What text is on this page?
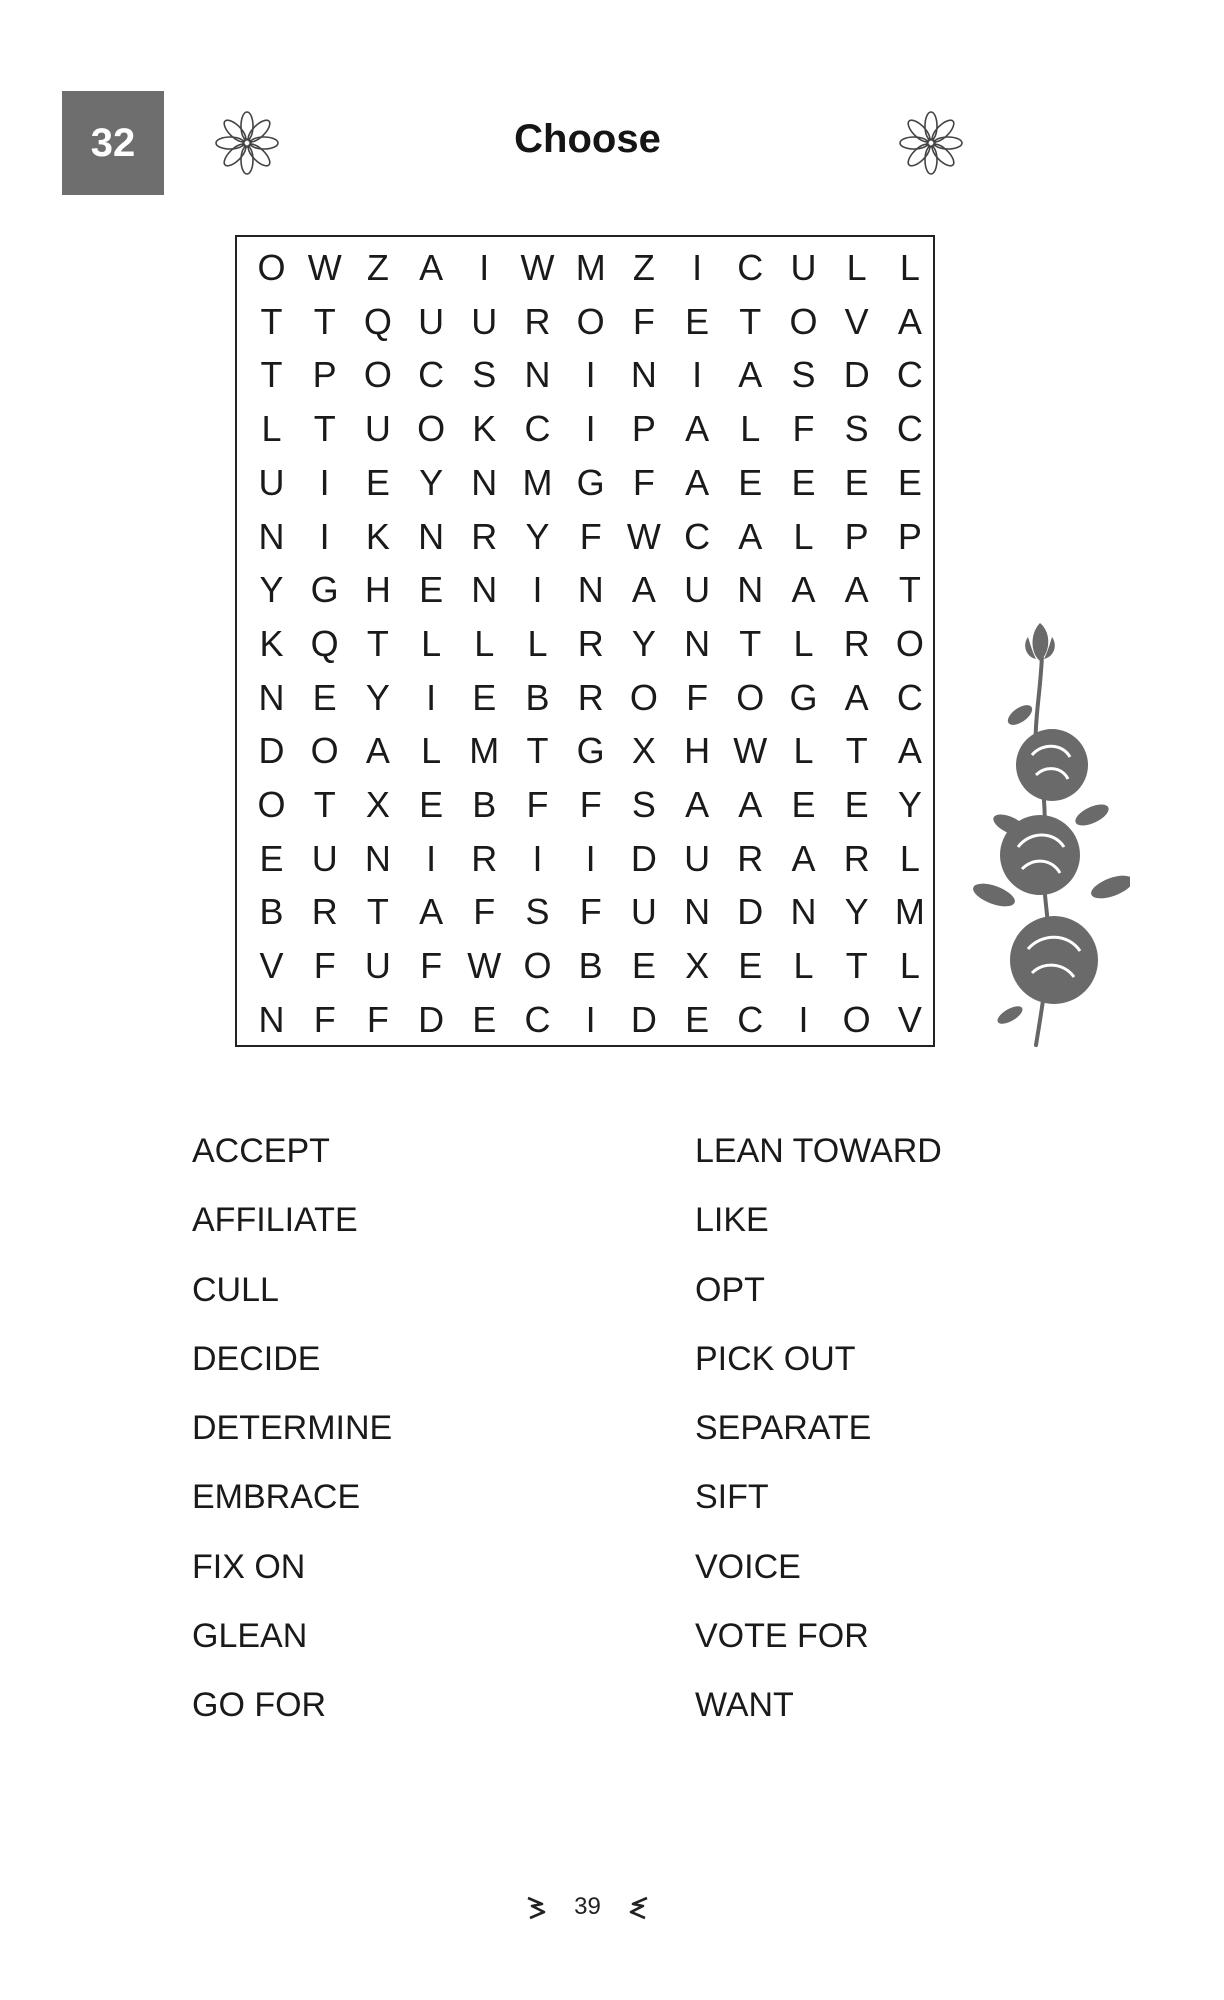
32	Choose
O W Z A	I W M Z	I C U L L
T T Q U U R O F E T O V A
T P O C S N I N I	A S D C
L T U O K C I	P A L F S C
U I	E Y N M G F A E E E E
N I	K N R Y F W C A L P P
Y G H E N I N A U N A A T
K Q T L L L R Y N T L R O
N E Y	I	E B R O F O G A C
D O A L M T G X H W L T A
O T X E B F F S A A E E Y
E U N I R I	I D U R A R L
B R T A F S F U N D N Y M
V F U F W O B E X E L T L
N F F D E C I D E C I O V
ACCEPT
AFFILIATE
CULL
DECIDE
DETERMINE
EMBRACE
FIX ON
GLEAN
GO FOR
LEAN TOWARD
LIKE
OPT
PICK OUT
SEPARATE
SIFT
VOICE
VOTE FOR
WANT
39
